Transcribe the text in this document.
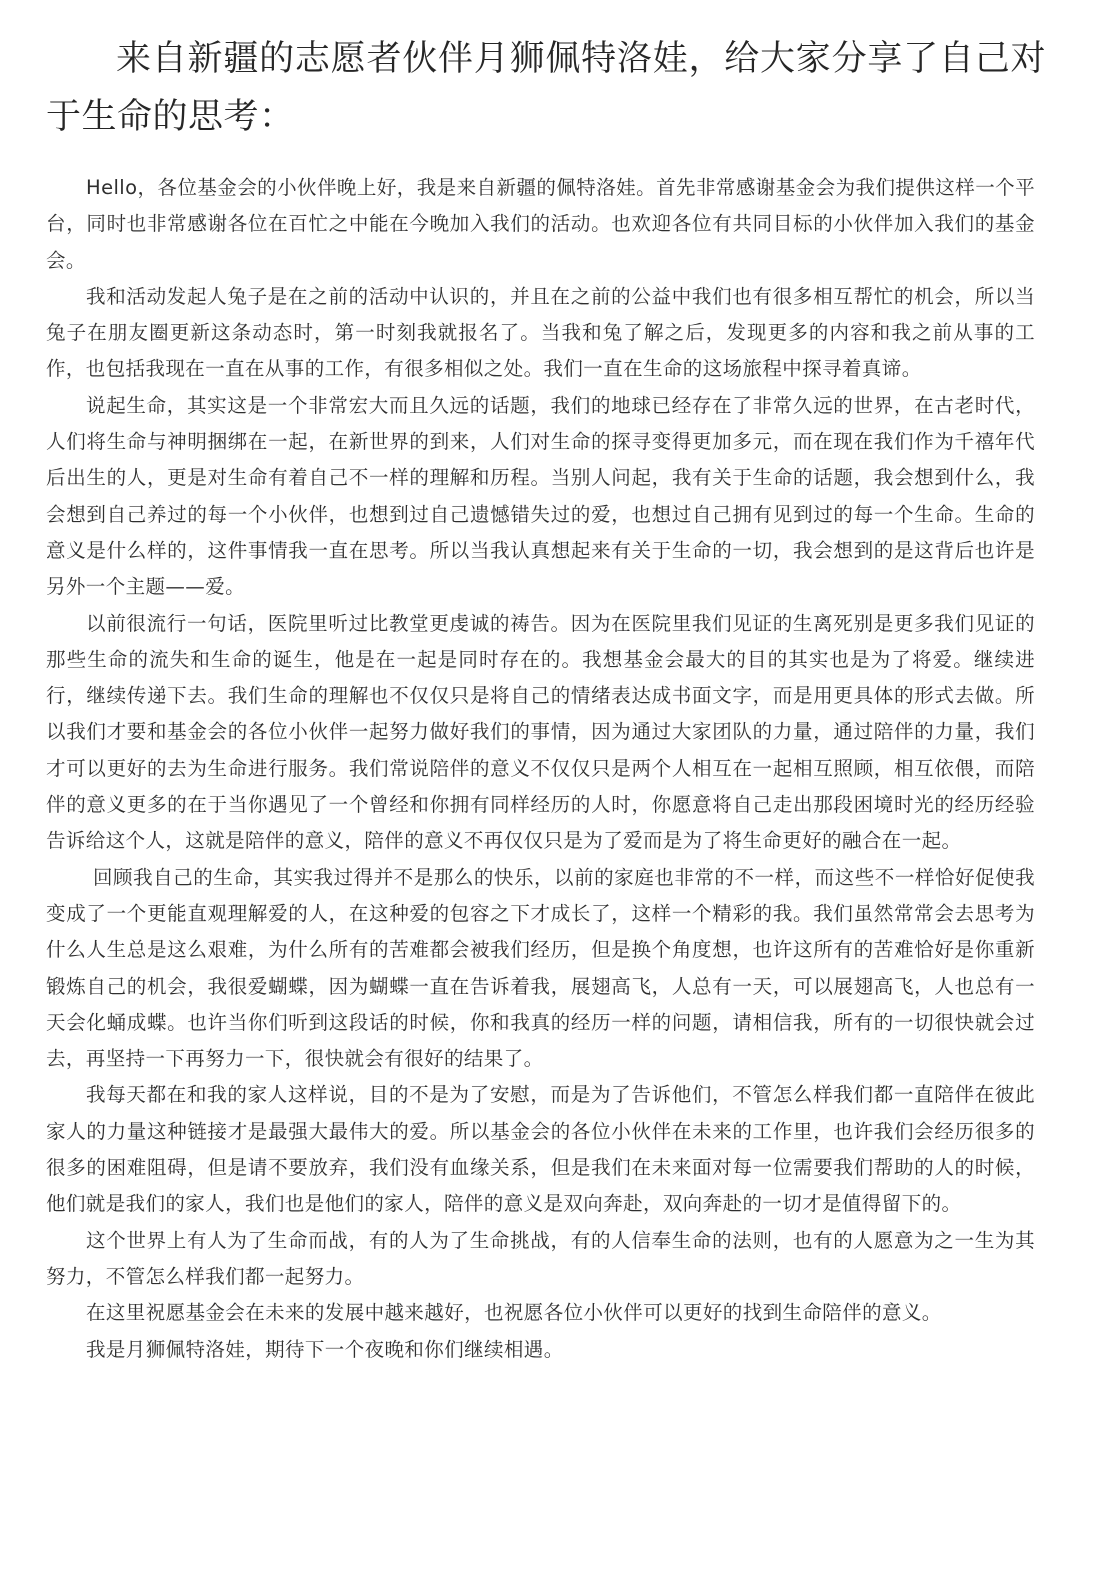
来自新疆的志愿者伙伴月狮佩特洛娃，给大家分享了自己对于生命的思考：

Hello，各位基金会的小伙伴晚上好，我是来自新疆的佩特洛娃。首先非常感谢基金会为我们提供这样一个平台，同时也非常感谢各位在百忙之中能在今晚加入我们的活动。也欢迎各位有共同目标的小伙伴加入我们的基金会。

我和活动发起人兔子是在之前的活动中认识的，并且在之前的公益中我们也有很多相互帮忙的机会，所以当兔子在朋友圈更新这条动态时，第一时刻我就报名了。当我和兔了解之后，发现更多的内容和我之前从事的工作，也包括我现在一直在从事的工作，有很多相似之处。我们一直在生命的这场旅程中探寻着真谛。

说起生命，其实这是一个非常宏大而且久远的话题，我们的地球已经存在了非常久远的世界，在古老时代，人们将生命与神明捆绑在一起，在新世界的到来，人们对生命的探寻变得更加多元，而在现在我们作为千禧年代后出生的人，更是对生命有着自己不一样的理解和历程。当别人问起，我有关于生命的话题，我会想到什么，我会想到自己养过的每一个小伙伴，也想到过自己遗憾错失过的爱，也想过自己拥有见到过的每一个生命。生命的意义是什么样的，这件事情我一直在思考。所以当我认真想起来有关于生命的一切，我会想到的是这背后也许是另外一个主题——爱。

以前很流行一句话，医院里听过比教堂更虔诚的祷告。因为在医院里我们见证的生离死别是更多我们见证的那些生命的流失和生命的诞生，他是在一起是同时存在的。我想基金会最大的目的其实也是为了将爱。继续进行，继续传递下去。我们生命的理解也不仅仅只是将自己的情绪表达成书面文字，而是用更具体的形式去做。所以我们才要和基金会的各位小伙伴一起努力做好我们的事情，因为通过大家团队的力量，通过陪伴的力量，我们才可以更好的去为生命进行服务。我们常说陪伴的意义不仅仅只是两个人相互在一起相互照顾，相互依偎，而陪伴的意义更多的在于当你遇见了一个曾经和你拥有同样经历的人时，你愿意将自己走出那段困境时光的经历经验告诉给这个人，这就是陪伴的意义，陪伴的意义不再仅仅只是为了爱而是为了将生命更好的融合在一起。

回顾我自己的生命，其实我过得并不是那么的快乐，以前的家庭也非常的不一样，而这些不一样恰好促使我变成了一个更能直观理解爱的人，在这种爱的包容之下才成长了，这样一个精彩的我。我们虽然常常会去思考为什么人生总是这么艰难，为什么所有的苦难都会被我们经历，但是换个角度想，也许这所有的苦难恰好是你重新锻炼自己的机会，我很爱蝴蝶，因为蝴蝶一直在告诉着我，展翅高飞，人总有一天，可以展翅高飞，人也总有一天会化蛹成蝶。也许当你们听到这段话的时候，你和我真的经历一样的问题，请相信我，所有的一切很快就会过去，再坚持一下再努力一下，很快就会有很好的结果了。

我每天都在和我的家人这样说，目的不是为了安慰，而是为了告诉他们，不管怎么样我们都一直陪伴在彼此家人的力量这种链接才是最强大最伟大的爱。所以基金会的各位小伙伴在未来的工作里，也许我们会经历很多的很多的困难阻碍，但是请不要放弃，我们没有血缘关系，但是我们在未来面对每一位需要我们帮助的人的时候，他们就是我们的家人，我们也是他们的家人，陪伴的意义是双向奔赴，双向奔赴的一切才是值得留下的。

这个世界上有人为了生命而战，有的人为了生命挑战，有的人信奉生命的法则，也有的人愿意为之一生为其努力，不管怎么样我们都一起努力。

在这里祝愿基金会在未来的发展中越来越好，也祝愿各位小伙伴可以更好的找到生命陪伴的意义。

我是月狮佩特洛娃，期待下一个夜晚和你们继续相遇。
